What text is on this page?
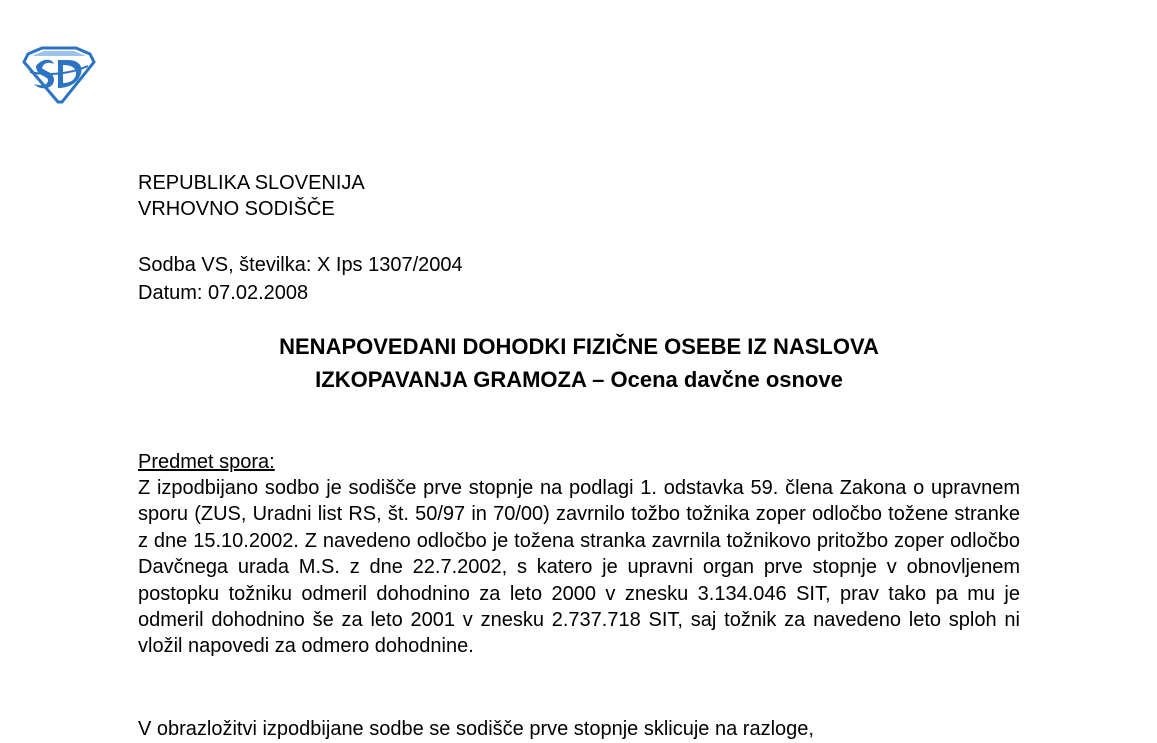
REPUBLIKA SLOVENIJA
VRHOVNO SODIŠČE
Sodba VS, številka: X Ips 1307/2004
Datum: 07.02.2008
NENAPOVEDANI DOHODKI FIZIČNE OSEBE IZ NASLOVA
IZKOPAVANJA GRAMOZA – Ocena davčne osnove
Predmet spora:
Z izpodbijano sodbo je sodišče prve stopnje na podlagi 1. odstavka 59. člena Zakona o upravnem sporu (ZUS, Uradni list RS, št. 50/97 in 70/00) zavrnilo tožbo tožnika zoper odločbo tožene stranke z dne 15.10.2002. Z navedeno odločbo je tožena stranka zavrnila tožnikovo pritožbo zoper odločbo Davčnega urada M.S. z dne 22.7.2002, s katero je upravni organ prve stopnje v obnovljenem postopku tožniku odmeril dohodnino za leto 2000 v znesku 3.134.046 SIT, prav tako pa mu je odmeril dohodnino še za leto 2001 v znesku 2.737.718 SIT, saj tožnik za navedeno leto sploh ni vložil napovedi za odmero dohodnine.
V obrazložitvi izpodbijane sodbe se sodišče prve stopnje sklicuje na razloge,
